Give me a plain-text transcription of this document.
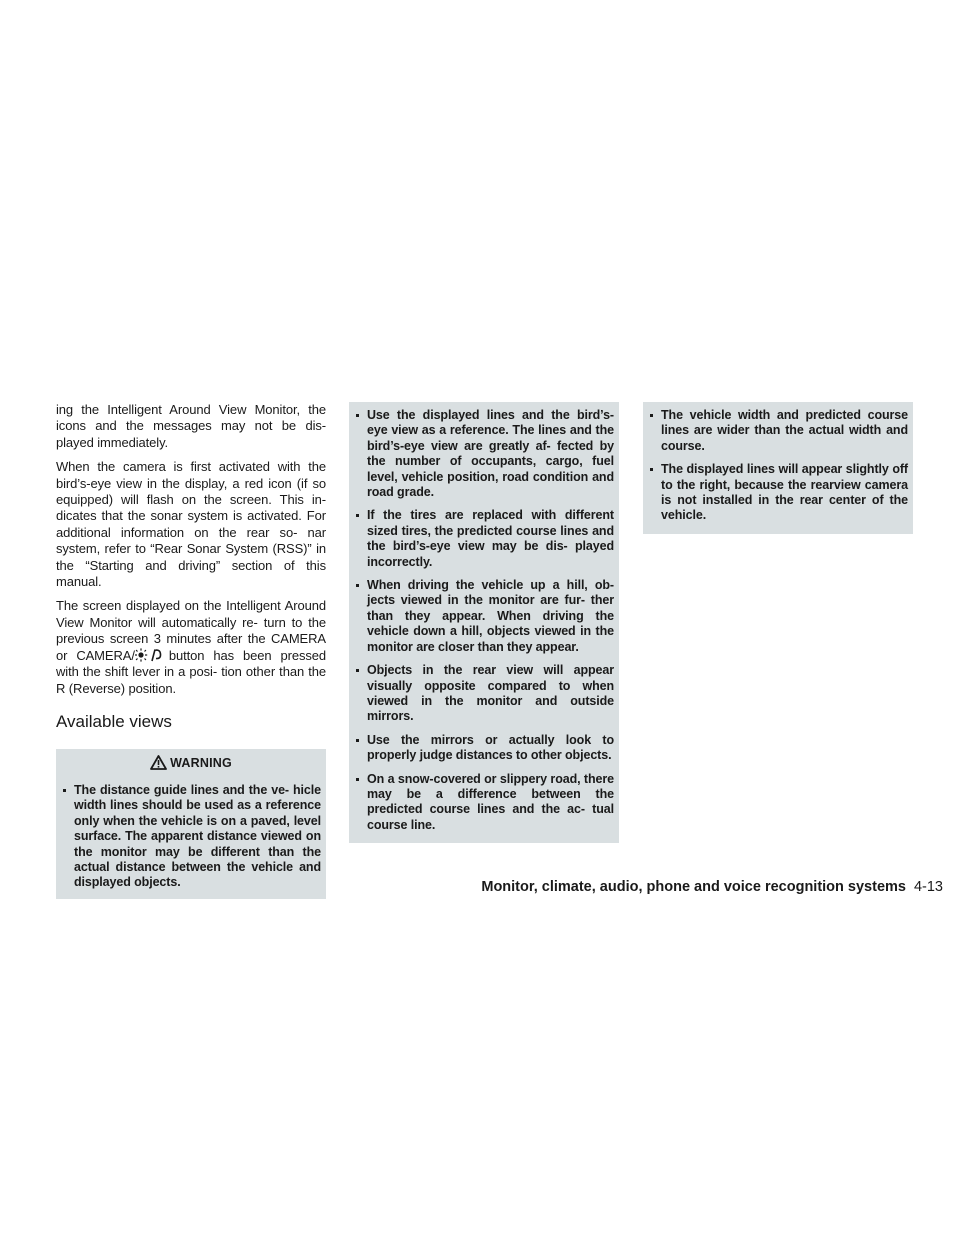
ing the Intelligent Around View Monitor, the icons and the messages may not be dis- played immediately.

When the camera is first activated with the bird’s-eye view in the display, a red icon (if so equipped) will flash on the screen. This in- dicates that the sonar system is activated. For additional information on the rear so- nar system, refer to “Rear Sonar System (RSS)” in the “Starting and driving” section of this manual.

The screen displayed on the Intelligent Around View Monitor will automatically re- turn to the previous screen 3 minutes after the CAMERA or CAMERA/	button has been pressed with the shift lever in a posi- tion other than the R (Reverse) position.

Available views
WARNING
The distance guide lines and the ve- hicle width lines should be used as a reference only when the vehicle is on a paved, level surface. The apparent distance viewed on the monitor may be different than the actual distance between the vehicle and displayed objects.
Use the displayed lines and the bird’s- eye view as a reference. The lines and the bird’s-eye view are greatly af- fected by the number of occupants, cargo, fuel level, vehicle position, road condition and road grade.
If the tires are replaced with different sized tires, the predicted course lines and the bird’s-eye view may be dis- played incorrectly.
When driving the vehicle up a hill, ob- jects viewed in the monitor are fur- ther than they appear. When driving the vehicle down a hill, objects viewed in the monitor are closer than they appear.
Objects in the rear view will appear visually opposite compared to when viewed in the monitor and outside mirrors.
Use the mirrors or actually look to properly judge distances to other objects.
On a snow-covered or slippery road, there may be a difference between the predicted course lines and the ac- tual course line.
The vehicle width and predicted course lines are wider than the actual width and course.
The displayed lines will appear slightly off to the right, because the rearview camera is not installed in the rear center of the vehicle.
Monitor, climate, audio, phone and voice recognition systems 4-13
